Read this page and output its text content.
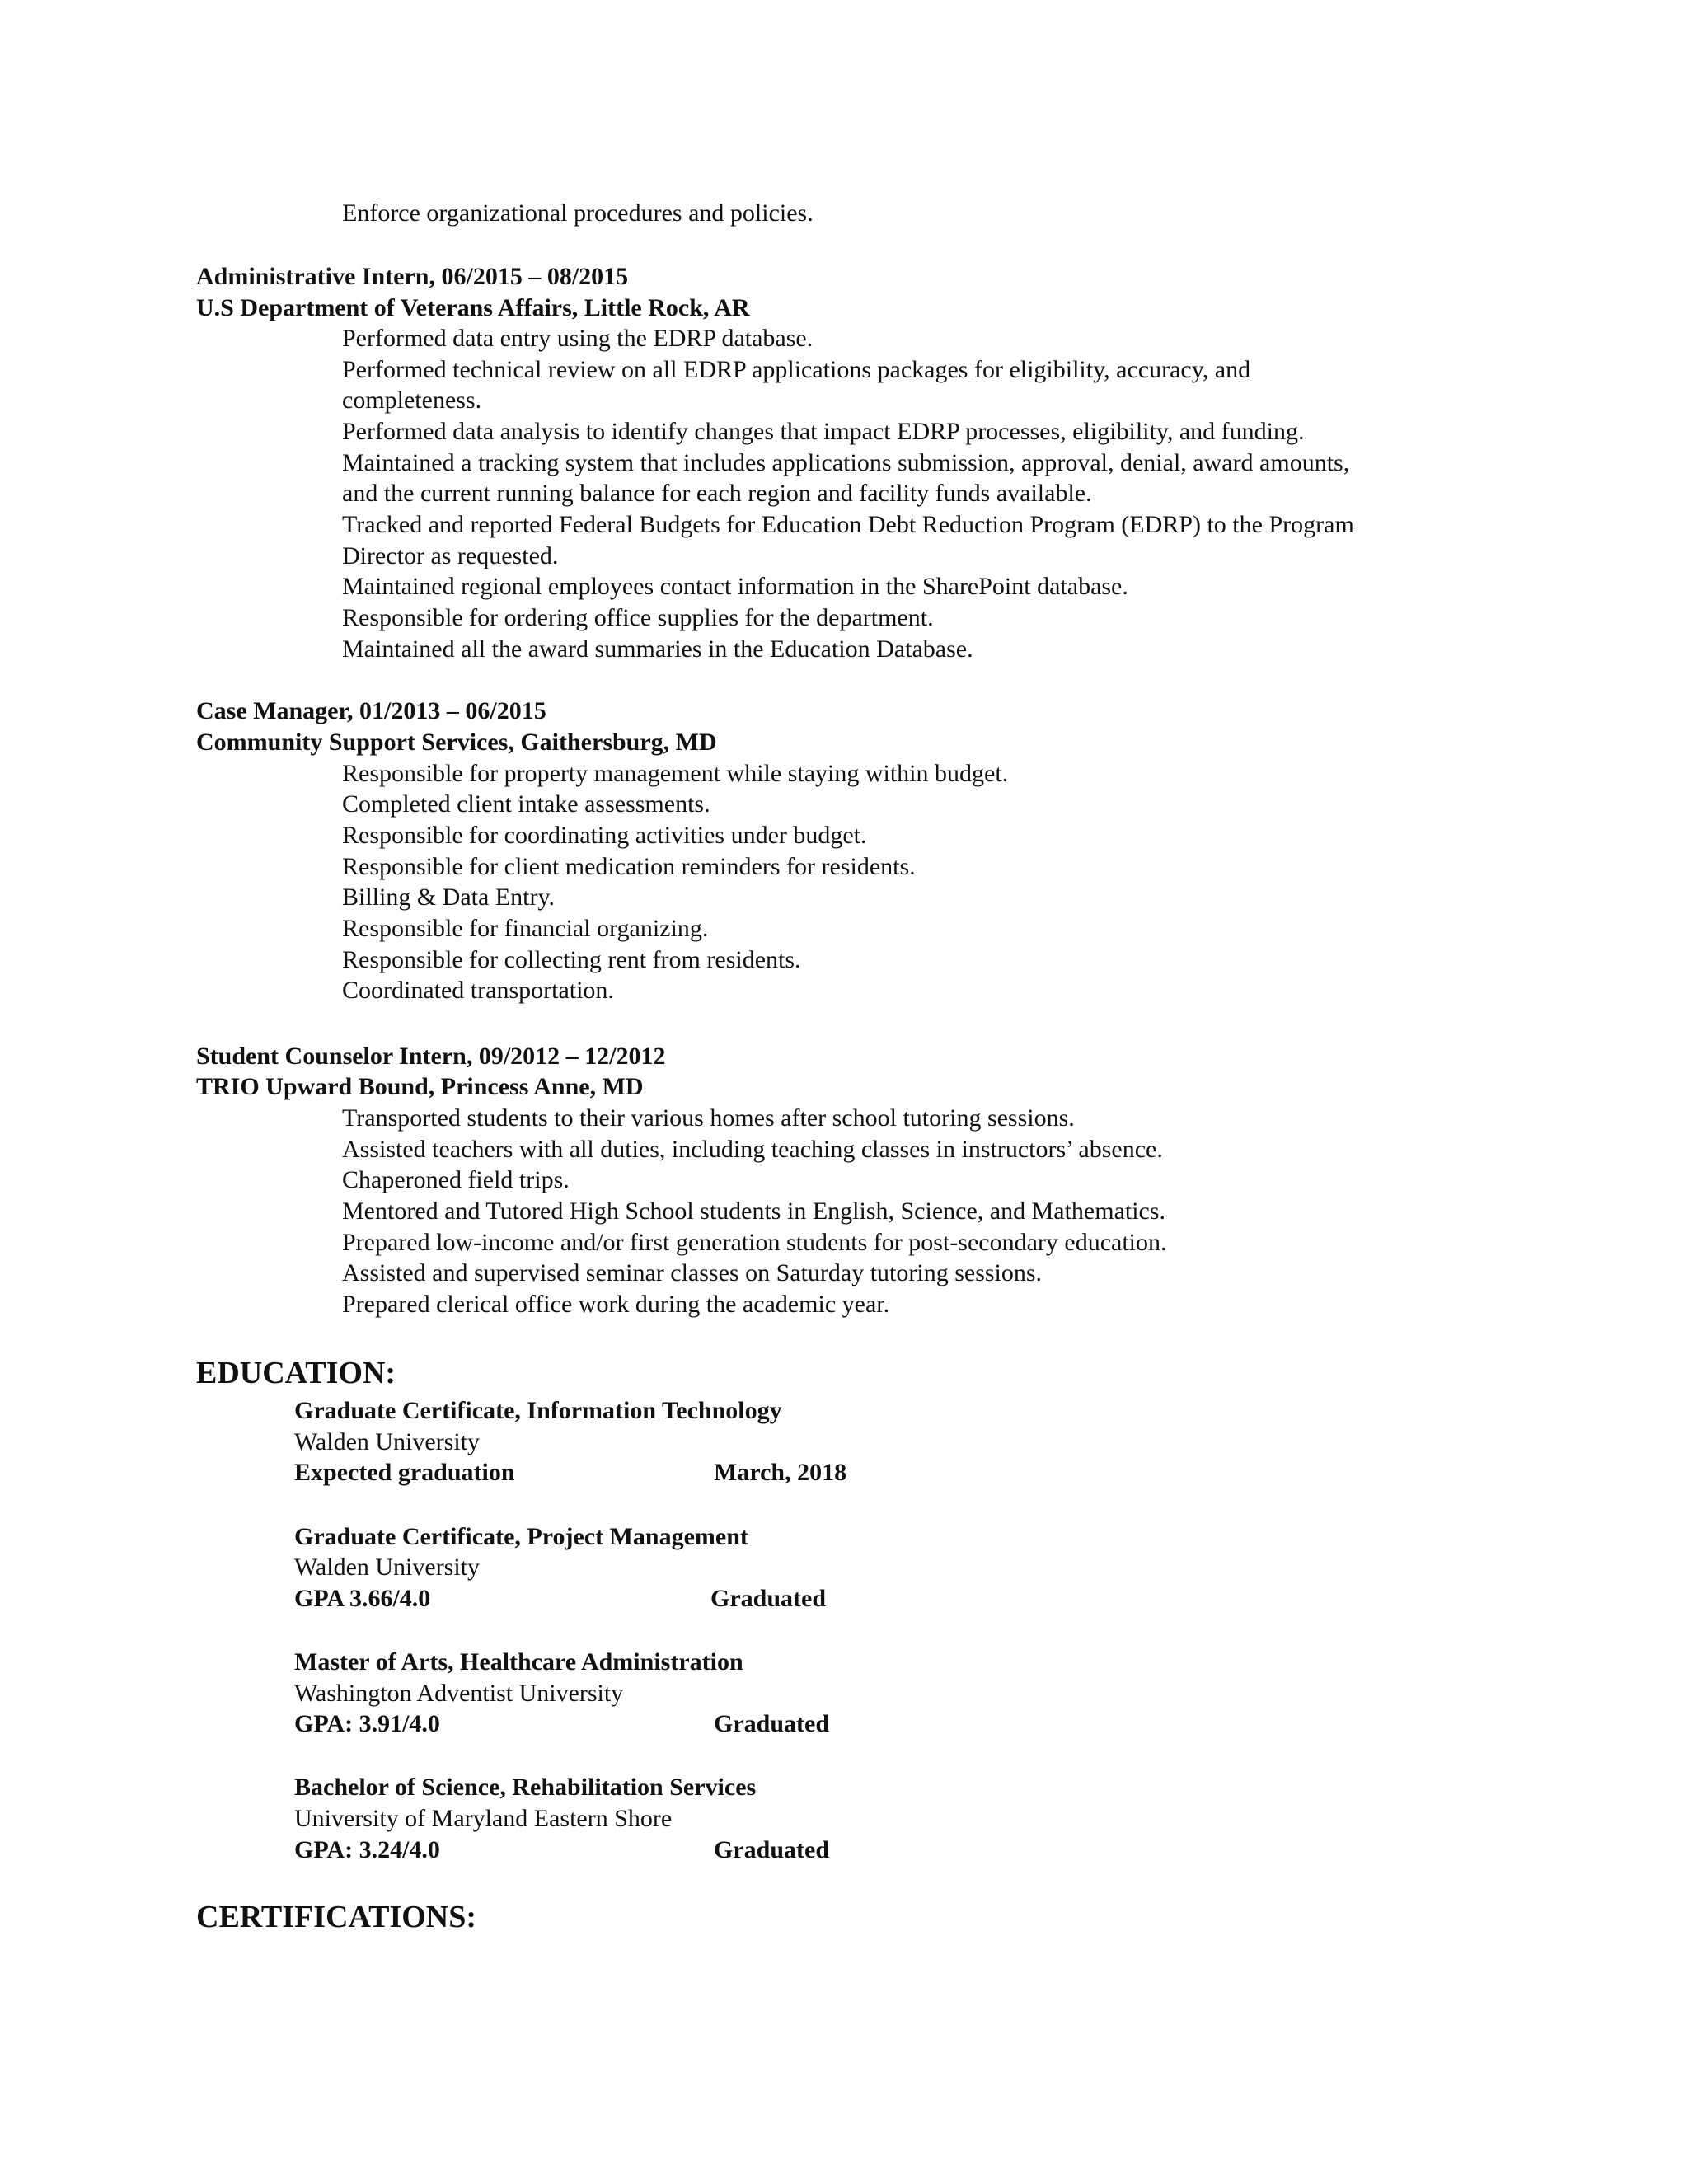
Enforce organizational procedures and policies.
Administrative Intern, 06/2015 – 08/2015
U.S Department of Veterans Affairs, Little Rock, AR
Performed data entry using the EDRP database.
Performed technical review on all EDRP applications packages for eligibility, accuracy, and
completeness.
Performed data analysis to identify changes that impact EDRP processes, eligibility, and funding.
Maintained a tracking system that includes applications submission, approval, denial, award amounts,
and the current running balance for each region and facility funds available.
Tracked and reported Federal Budgets for Education Debt Reduction Program (EDRP) to the Program
Director as requested.
Maintained regional employees contact information in the SharePoint database.
Responsible for ordering office supplies for the department.
Maintained all the award summaries in the Education Database.
Case Manager, 01/2013 – 06/2015
Community Support Services, Gaithersburg, MD
Responsible for property management while staying within budget.
Completed client intake assessments.
Responsible for coordinating activities under budget.
Responsible for client medication reminders for residents.
Billing & Data Entry.
Responsible for financial organizing.
Responsible for collecting rent from residents.
Coordinated transportation.
Student Counselor Intern, 09/2012 – 12/2012
TRIO Upward Bound, Princess Anne, MD
Transported students to their various homes after school tutoring sessions.
Assisted teachers with all duties, including teaching classes in instructors’ absence.
Chaperoned field trips.
Mentored and Tutored High School students in English, Science, and Mathematics.
Prepared low-income and/or first generation students for post-secondary education.
Assisted and supervised seminar classes on Saturday tutoring sessions.
Prepared clerical office work during the academic year.
EDUCATION:
Graduate Certificate, Information Technology
Walden University
Expected graduation	March, 2018
Graduate Certificate, Project Management
Walden University
GPA 3.66/4.0	Graduated
Master of Arts, Healthcare Administration
Washington Adventist University
GPA: 3.91/4.0	Graduated
Bachelor of Science, Rehabilitation Services
University of Maryland Eastern Shore
GPA: 3.24/4.0	Graduated
CERTIFICATIONS:
